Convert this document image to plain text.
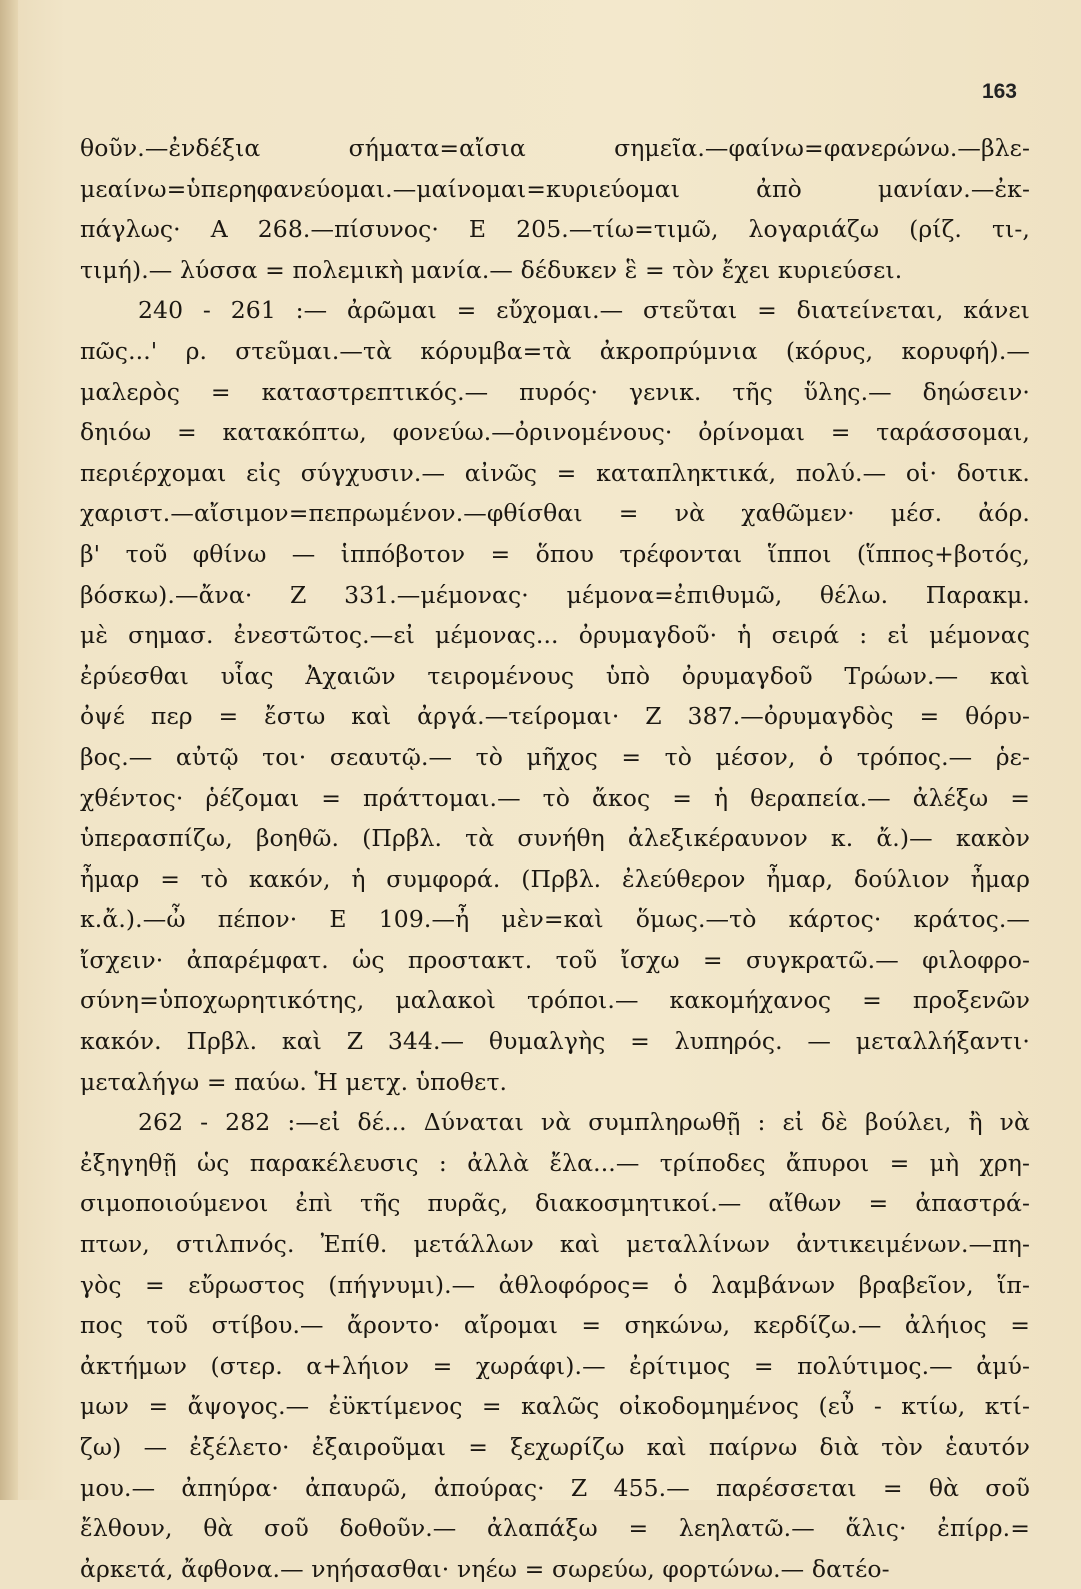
163
θοῦν.—ἐνδέξια σήματα=αἴσια σημεῖα.—φαίνω=φανερώνω.—βλε-
μεαίνω=ὑπερηφανεύομαι.—μαίνομαι=κυριεύομαι ἀπὸ μανίαν.—ἐκ-
πάγλως· Α 268.—πίσυνος· Ε 205.—τίω=τιμῶ, λογαριάζω (ρίζ. τι-,
τιμή).— λύσσα = πολεμικὴ μανία.— δέδυκεν ἓ = τὸν ἔχει κυριεύσει.
240 - 261 :— ἀρῶμαι = εὔχομαι.— στεῦται = διατείνεται, κάνει
πῶς...' ρ. στεῦμαι.—τὰ κόρυμβα=τὰ ἀκροπρύμνια (κόρυς, κορυφή).—
μαλερὸς = καταστρεπτικός.— πυρός· γενικ. τῆς ὕλης.— δηώσειν·
δηιόω = κατακόπτω, φονεύω.—ὀρινομένους· ὀρίνομαι = ταράσσομαι,
περιέρχομαι εἰς σύγχυσιν.— αἰνῶς = καταπληκτικά, πολύ.— οἱ· δοτικ.
χαριστ.—αἴσιμον=πεπρωμένον.—φθίσθαι = νὰ χαθῶμεν· μέσ. ἀόρ.
β' τοῦ φθίνω — ἱππόβοτον = ὅπου τρέφονται ἵπποι (ἵππος+βοτός,
βόσκω).—ἄνα· Ζ 331.—μέμονας· μέμονα=ἐπιθυμῶ, θέλω. Παρακμ.
μὲ σημασ. ἐνεστῶτος.—εἰ μέμονας... ὀρυμαγδοῦ· ἡ σειρά : εἰ μέμονας
ἐρύεσθαι υἷας Ἀχαιῶν τειρομένους ὑπὸ ὀρυμαγδοῦ Τρώων.— καὶ
ὀψέ περ = ἔστω καὶ ἀργά.—τείρομαι· Ζ 387.—ὀρυμαγδὸς = θόρυ-
βος.— αὐτῷ τοι· σεαυτῷ.— τὸ μῆχος = τὸ μέσον, ὁ τρόπος.— ῥε-
χθέντος· ῥέζομαι = πράττομαι.— τὸ ἄκος = ἡ θεραπεία.— ἀλέξω =
ὑπερασπίζω, βοηθῶ. (Πρβλ. τὰ συνήθη ἀλεξικέραυνον κ. ἄ.)— κακὸν
ἦμαρ = τὸ κακόν, ἡ συμφορά. (Πρβλ. ἐλεύθερον ἦμαρ, δούλιον ἦμαρ
κ.ἄ.).—ὦ πέπον· Ε 109.—ἦ μὲν=καὶ ὅμως.—τὸ κάρτος· κράτος.—
ἴσχειν· ἀπαρέμφατ. ὡς προστακτ. τοῦ ἴσχω = συγκρατῶ.— φιλοφρο-
σύνη=ὑποχωρητικότης, μαλακοὶ τρόποι.— κακομήχανος = προξενῶν
κακόν. Πρβλ. καὶ Ζ 344.— θυμαλγὴς = λυπηρός. — μεταλλήξαντι·
μεταλήγω = παύω. Ἡ μετχ. ὑποθετ.
262 - 282 :—εἰ δέ... Δύναται νὰ συμπληρωθῇ : εἰ δὲ βούλει, ἢ νὰ
ἐξηγηθῇ ὡς παρακέλευσις : ἀλλὰ ἔλα...— τρίποδες ἄπυροι = μὴ χρη-
σιμοποιούμενοι ἐπὶ τῆς πυρᾶς, διακοσμητικοί.— αἴθων = ἀπαστρά-
πτων, στιλπνός. Ἐπίθ. μετάλλων καὶ μεταλλίνων ἀντικειμένων.—πη-
γὸς = εὔρωστος (πήγνυμι).— ἀθλοφόρος= ὁ λαμβάνων βραβεῖον, ἵπ-
πος τοῦ στίβου.— ἄροντο· αἴρομαι = σηκώνω, κερδίζω.— ἀλήιος =
ἀκτήμων (στερ. α+λήιον = χωράφι).— ἐρίτιμος = πολύτιμος.— ἀμύ-
μων = ἄψογος.— ἐϋκτίμενος = καλῶς οἰκοδομημένος (εὖ - κτίω, κτί-
ζω) — ἐξέλετο· ἐξαιροῦμαι = ξεχωρίζω καὶ παίρνω διὰ τὸν ἑαυτόν
μου.— ἀπηύρα· ἀπαυρῶ, ἀπούρας· Ζ 455.— παρέσσεται = θὰ σοῦ
ἔλθουν, θὰ σοῦ δοθοῦν.— ἀλαπάξω = λεηλατῶ.— ἅλις· ἐπίρρ.=
ἀρκετά, ἄφθονα.— νηήσασθαι· νηέω = σωρεύω, φορτώνω.— δατέο-
